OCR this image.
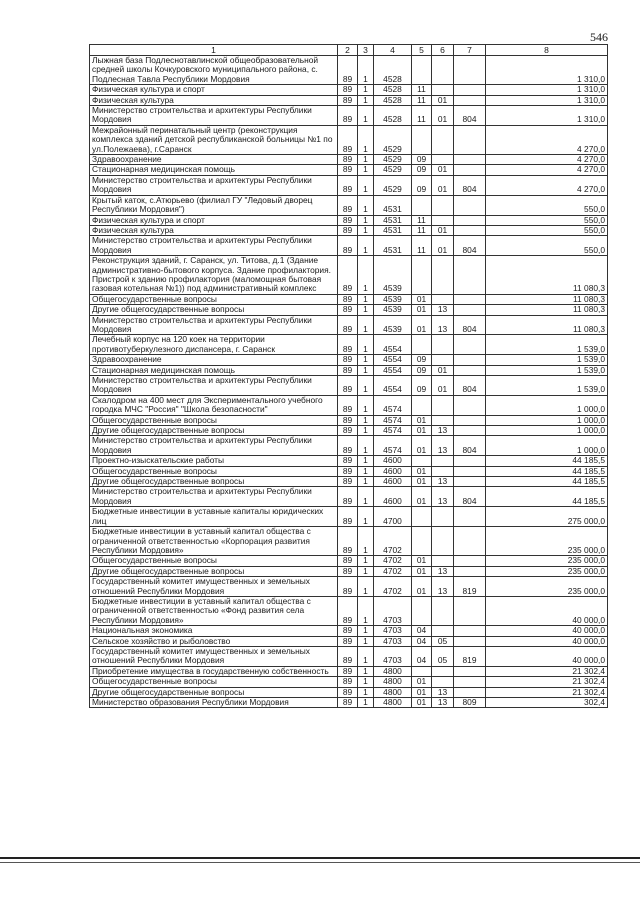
546
1	2	3	4	5	6	7	8
Лыжная база Подлеснотавлинской общеобразовательной средней школы Кочкуровского муниципального района, с. Подлесная Тавла Республики Мордовия	89	1	4528				1 310,0
Физическая культура и спорт	89	1	4528	11			1 310,0
Физическая культура	89	1	4528	11	01		1 310,0
Министерство строительства и архитектуры Республики Мордовия	89	1	4528	11	01	804	1 310,0
Межрайонный перинатальный центр (реконструкция комплекса зданий детской республиканской больницы №1 по ул.Полежаева), г.Саранск	89	1	4529				4 270,0
Здравоохранение	89	1	4529	09			4 270,0
Стационарная медицинская помощь	89	1	4529	09	01		4 270,0
Министерство строительства и архитектуры Республики Мордовия	89	1	4529	09	01	804	4 270,0
Крытый каток, с.Атюрьево (филиал ГУ "Ледовый дворец Республики Мордовия")	89	1	4531				550,0
Физическая культура и спорт	89	1	4531	11			550,0
Физическая культура	89	1	4531	11	01		550,0
Министерство строительства и архитектуры Республики Мордовия	89	1	4531	11	01	804	550,0
Реконструкция зданий, г. Саранск, ул. Титова, д.1 (Здание административно-бытового корпуса. Здание профилактория. Пристрой к зданию профилактория (маломощная бытовая газовая котельная №1)) под административный комплекс	89	1	4539				11 080,3
Общегосударственные вопросы	89	1	4539	01			11 080,3
Другие общегосударственные вопросы	89	1	4539	01	13		11 080,3
Министерство строительства и архитектуры Республики Мордовия	89	1	4539	01	13	804	11 080,3
Лечебный корпус на 120 коек на территории противотуберкулезного диспансера, г. Саранск	89	1	4554				1 539,0
Здравоохранение	89	1	4554	09			1 539,0
Стационарная медицинская помощь	89	1	4554	09	01		1 539,0
Министерство строительства и архитектуры Республики Мордовия	89	1	4554	09	01	804	1 539,0
Скалодром на 400 мест для Экспериментального учебного городка МЧС "Россия" "Школа безопасности"	89	1	4574				1 000,0
Общегосударственные вопросы	89	1	4574	01			1 000,0
Другие общегосударственные вопросы	89	1	4574	01	13		1 000,0
Министерство строительства и архитектуры Республики Мордовия	89	1	4574	01	13	804	1 000,0
Проектно-изыскательские работы	89	1	4600				44 185,5
Общегосударственные вопросы	89	1	4600	01			44 185,5
Другие общегосударственные вопросы	89	1	4600	01	13		44 185,5
Министерство строительства и архитектуры Республики Мордовия	89	1	4600	01	13	804	44 185,5
Бюджетные инвестиции в уставные капиталы юридических лиц	89	1	4700				275 000,0
Бюджетные инвестиции в уставный капитал общества с ограниченной ответственностью «Корпорация развития Республики Мордовия»	89	1	4702				235 000,0
Общегосударственные вопросы	89	1	4702	01			235 000,0
Другие общегосударственные вопросы	89	1	4702	01	13		235 000,0
Государственный комитет имущественных и земельных отношений Республики Мордовия	89	1	4702	01	13	819	235 000,0
Бюджетные инвестиции в уставный капитал общества с ограниченной ответственностью «Фонд развития села Республики Мордовия»	89	1	4703				40 000,0
Национальная экономика	89	1	4703	04			40 000,0
Сельское хозяйство и рыболовство	89	1	4703	04	05		40 000,0
Государственный комитет имущественных и земельных отношений Республики Мордовия	89	1	4703	04	05	819	40 000,0
Приобретение имущества в государственную собственность	89	1	4800				21 302,4
Общегосударственные вопросы	89	1	4800	01			21 302,4
Другие общегосударственные вопросы	89	1	4800	01	13		21 302,4
Министерство образования Республики Мордовия	89	1	4800	01	13	809	302,4
